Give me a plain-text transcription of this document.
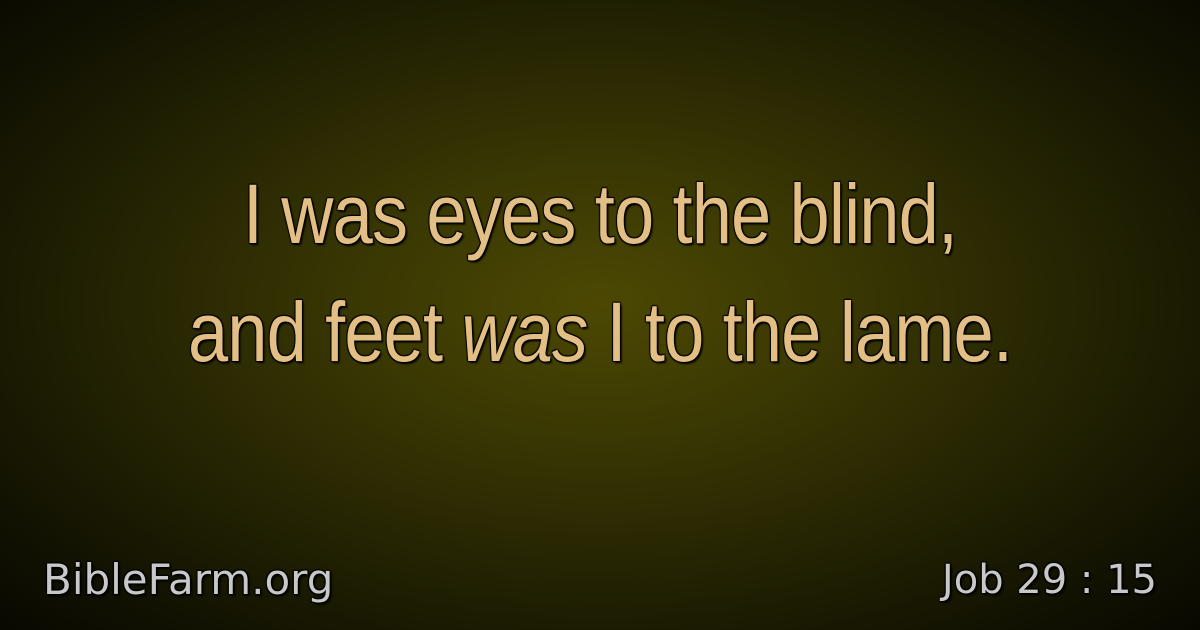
I was eyes to the blind,
and feet was I to the lame.
BibleFarm.org	Job 29 : 15
